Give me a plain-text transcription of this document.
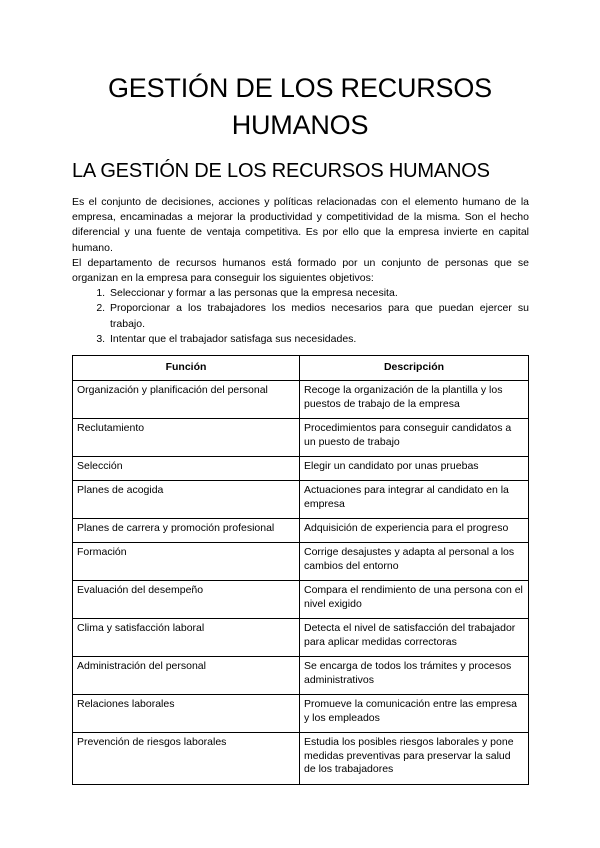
GESTIÓN DE LOS RECURSOS
HUMANOS
LA GESTIÓN DE LOS RECURSOS HUMANOS

Es el conjunto de decisiones, acciones y políticas relacionadas con el elemento humano de la empresa, encaminadas a mejorar la productividad y competitividad de la misma. Son el hecho diferencial y una fuente de ventaja competitiva. Es por ello que la empresa invierte en capital humano.

El departamento de recursos humanos está formado por un conjunto de personas que se organizan en la empresa para conseguir los siguientes objetivos:

1. Seleccionar y formar a las personas que la empresa necesita.
2. Proporcionar a los trabajadores los medios necesarios para que puedan ejercer su trabajo.
3. Intentar que el trabajador satisfaga sus necesidades.
Función	Descripción
Organización y planificación del personal	Recoge la organización de la plantilla y los puestos de trabajo de la empresa
Reclutamiento	Procedimientos para conseguir candidatos a un puesto de trabajo
Selección	Elegir un candidato por unas pruebas
Planes de acogida	Actuaciones para integrar al candidato en la empresa
Planes de carrera y promoción profesional	Adquisición de experiencia para el progreso
Formación	Corrige desajustes y adapta al personal a los cambios del entorno
Evaluación del desempeño	Compara el rendimiento de una persona con el nivel exigido
Clima y satisfacción laboral	Detecta el nivel de satisfacción del trabajador para aplicar medidas correctoras
Administración del personal	Se encarga de todos los trámites y procesos administrativos
Relaciones laborales	Promueve la comunicación entre las empresa y los empleados
Prevención de riesgos laborales	Estudia los posibles riesgos laborales y pone medidas preventivas para preservar la salud de los trabajadores
